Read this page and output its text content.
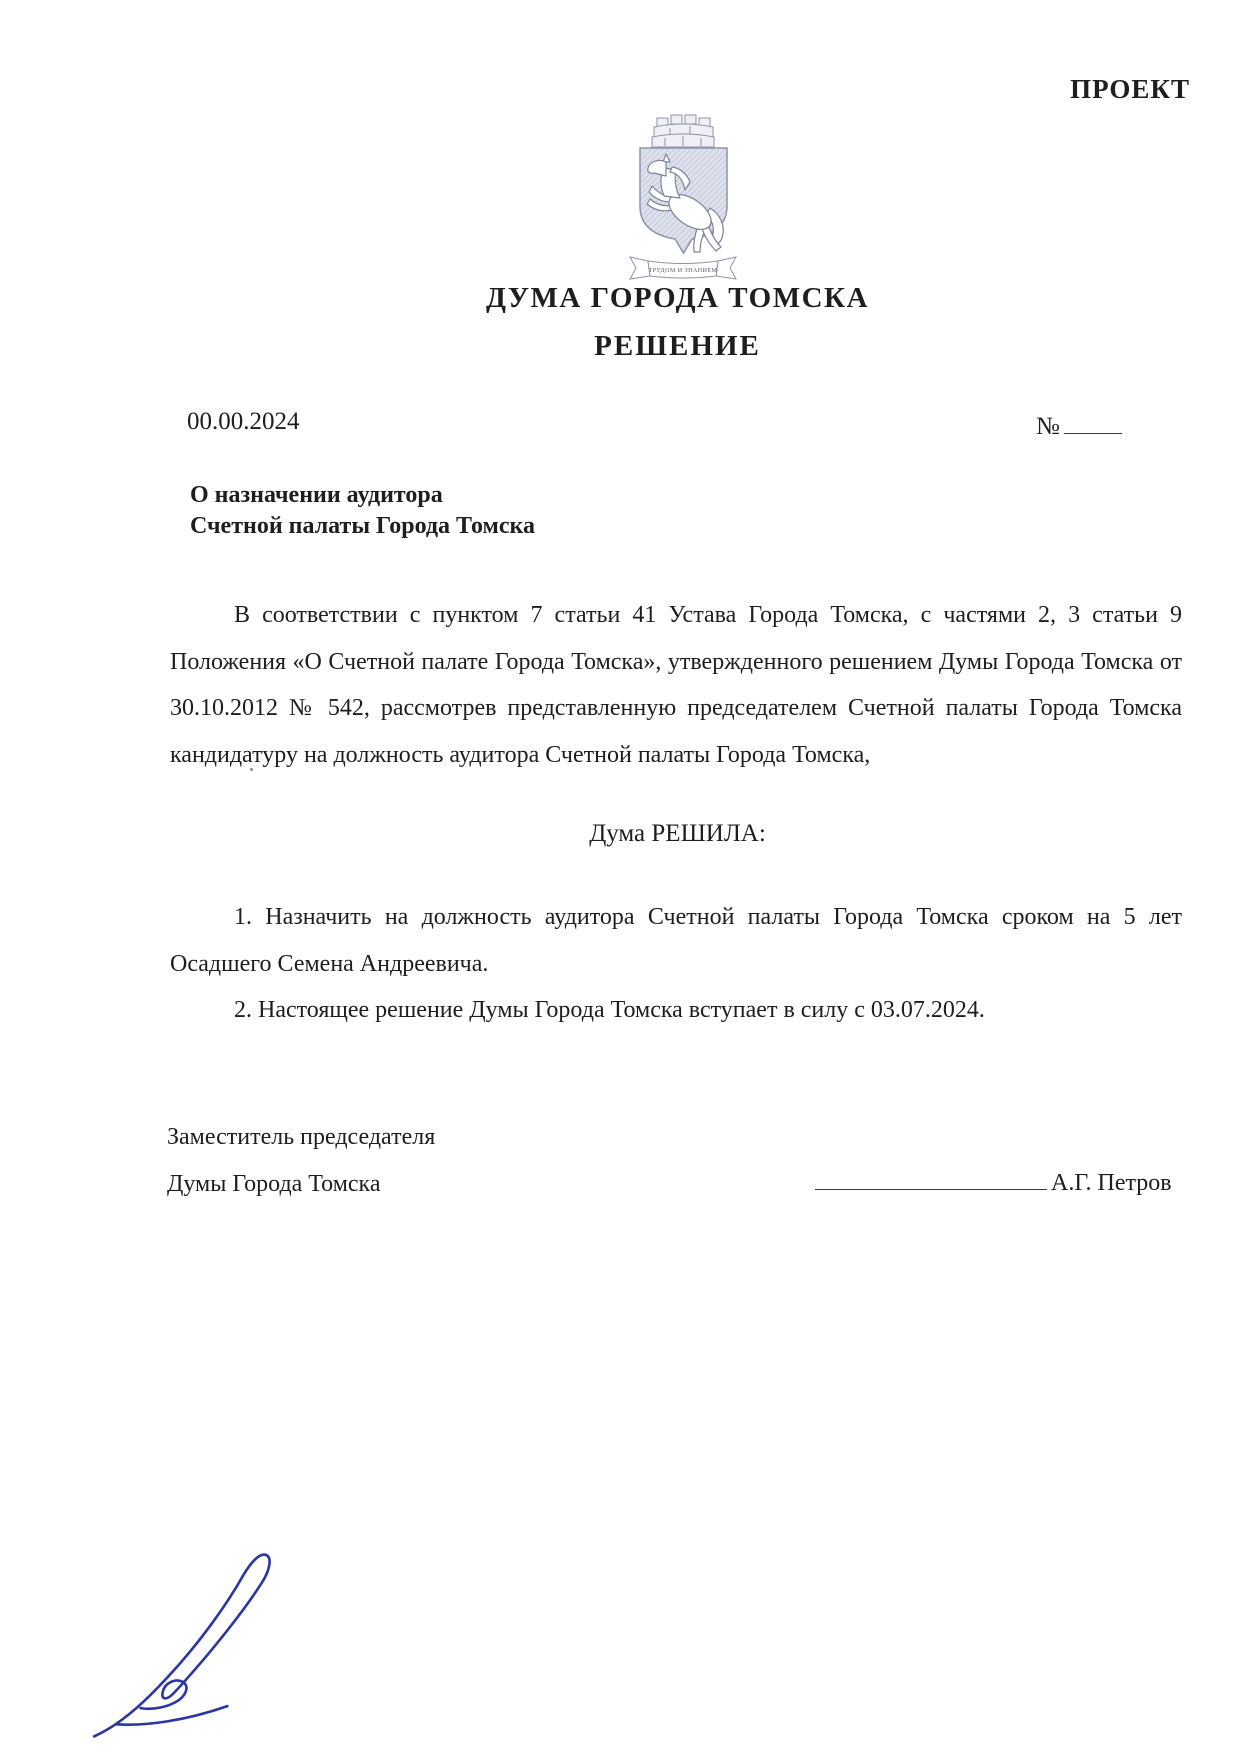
ПРОЕКТ
ТРУДОМ И ЗНАНИЕМ
ДУМА ГОРОДА ТОМСКА
РЕШЕНИЕ
00.00.2024	№
О назначении аудитора
Счетной палаты Города Томска
В соответствии с пунктом 7 статьи 41 Устава Города Томска, с частями 2, 3 статьи 9 Положения «О Счетной палате Города Томска», утвержденного решением Думы Города Томска от 30.10.2012 № 542, рассмотрев представленную председателем Счетной палаты Города Томска кандидатуру на должность аудитора Счетной палаты Города Томска,
Дума РЕШИЛА:

1. Назначить на должность аудитора Счетной палаты Города Томска сроком на 5 лет Осадшего Семена Андреевича.

2. Настоящее решение Думы Города Томска вступает в силу с 03.07.2024.

Заместитель председателя
Думы Города Томска	А.Г. Петров
